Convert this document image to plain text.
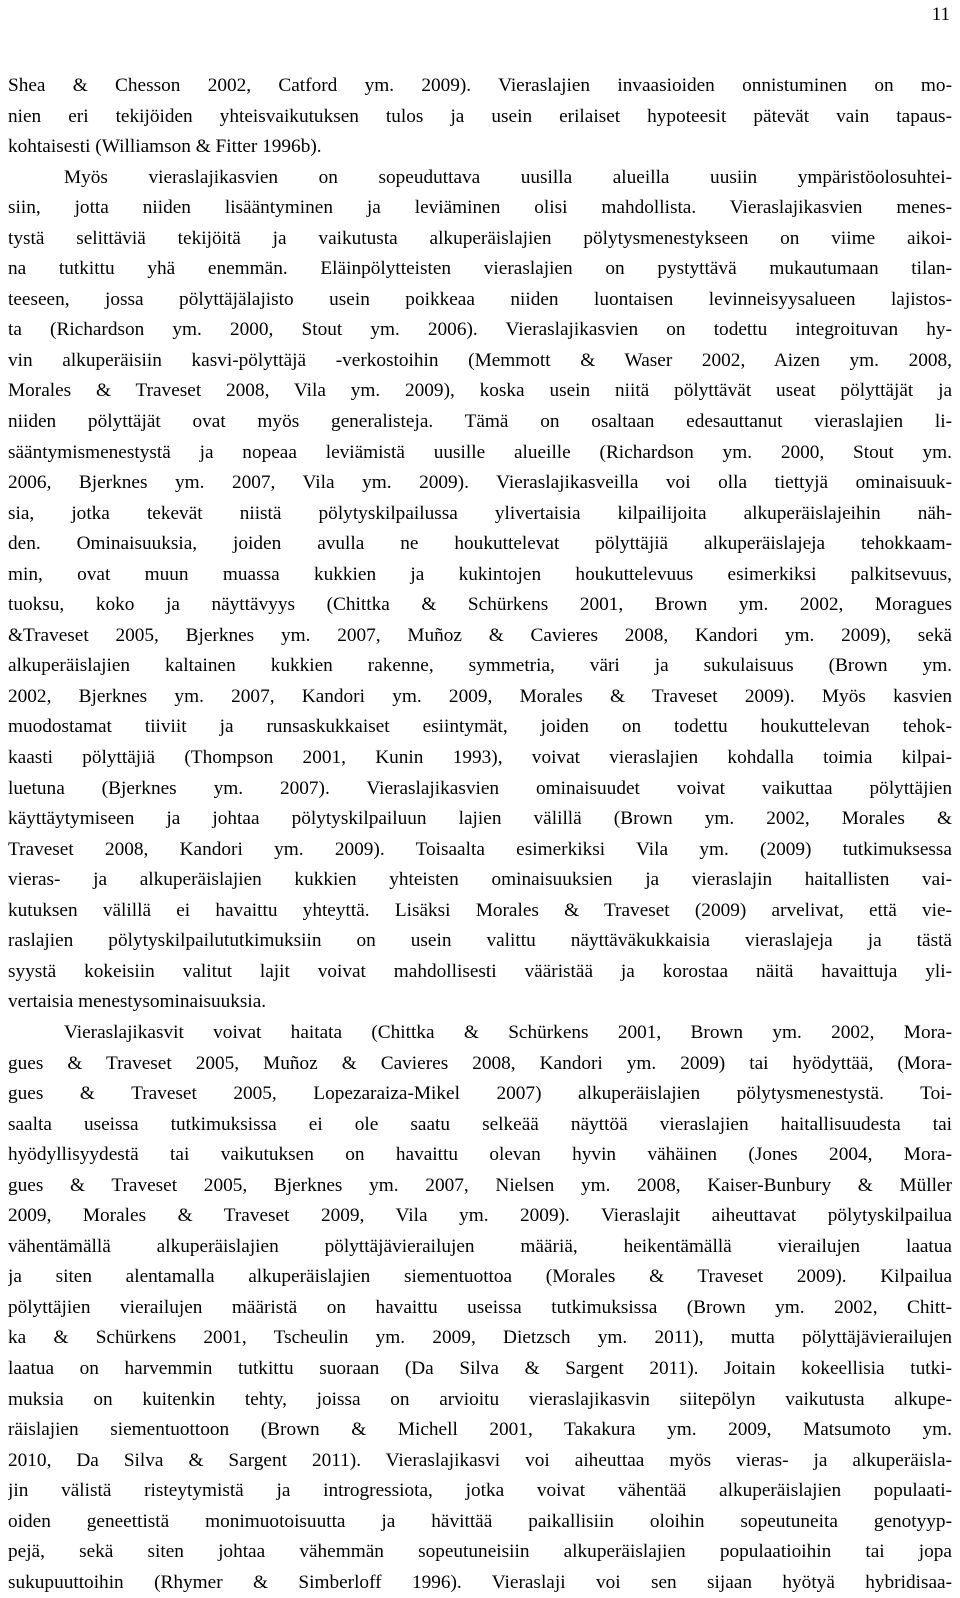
11
Shea & Chesson 2002, Catford ym. 2009). Vieraslajien invaasioiden onnistuminen on mo-
nien eri tekijöiden yhteisvaikutuksen tulos ja usein erilaiset hypoteesit pätevät vain tapaus-
kohtaisesti (Williamson & Fitter 1996b).
Myös vieraslajikasvien on sopeuduttava uusilla alueilla uusiin ympäristöolosuhtei-
siin, jotta niiden lisääntyminen ja leviäminen olisi mahdollista. Vieraslajikasvien menes-
tystä selittäviä tekijöitä ja vaikutusta alkuperäislajien pölytysmenestykseen on viime aikoi-
na tutkittu yhä enemmän. Eläinpölytteisten vieraslajien on pystyttävä mukautumaan tilan-
teeseen, jossa pölyttäjälajisto usein poikkeaa niiden luontaisen levinneisyysalueen lajistos-
ta (Richardson ym. 2000, Stout ym. 2006). Vieraslajikasvien on todettu integroituvan hy-
vin alkuperäisiin kasvi-pölyttäjä -verkostoihin (Memmott & Waser 2002, Aizen ym. 2008,
Morales & Traveset 2008, Vila ym. 2009), koska usein niitä pölyttävät useat pölyttäjät ja
niiden pölyttäjät ovat myös generalisteja. Tämä on osaltaan edesauttanut vieraslajien li-
sääntymismenestystä ja nopeaa leviämistä uusille alueille (Richardson ym. 2000, Stout ym.
2006, Bjerknes ym. 2007, Vila ym. 2009). Vieraslajikasveilla voi olla tiettyjä ominaisuuk-
sia, jotka tekevät niistä pölytyskilpailussa ylivertaisia kilpailijoita alkuperäislajeihin näh-
den. Ominaisuuksia, joiden avulla ne houkuttelevat pölyttäjiä alkuperäislajeja tehokkaam-
min, ovat muun muassa kukkien ja kukintojen houkuttelevuus esimerkiksi palkitsevuus,
tuoksu, koko ja näyttävyys (Chittka & Schürkens 2001, Brown ym. 2002, Moragues
&Traveset 2005, Bjerknes ym. 2007, Muñoz & Cavieres 2008, Kandori ym. 2009), sekä
alkuperäislajien kaltainen kukkien rakenne, symmetria, väri ja sukulaisuus (Brown ym.
2002, Bjerknes ym. 2007, Kandori ym. 2009, Morales & Traveset 2009). Myös kasvien
muodostamat tiiviit ja runsaskukkaiset esiintymät, joiden on todettu houkuttelevan tehok-
kaasti pölyttäjiä (Thompson 2001, Kunin 1993), voivat vieraslajien kohdalla toimia kilpai-
luetuna (Bjerknes ym. 2007). Vieraslajikasvien ominaisuudet voivat vaikuttaa pölyttäjien
käyttäytymiseen ja johtaa pölytyskilpailuun lajien välillä (Brown ym. 2002, Morales &
Traveset 2008, Kandori ym. 2009). Toisaalta esimerkiksi Vila ym. (2009) tutkimuksessa
vieras- ja alkuperäislajien kukkien yhteisten ominaisuuksien ja vieraslajin haitallisten vai-
kutuksen välillä ei havaittu yhteyttä. Lisäksi Morales & Traveset (2009) arvelivat, että vie-
raslajien pölytyskilpailututkimuksiin on usein valittu näyttäväkukkaisia vieraslajeja ja tästä
syystä kokeisiin valitut lajit voivat mahdollisesti vääristää ja korostaa näitä havaittuja yli-
vertaisia menestysominaisuuksia.
Vieraslajikasvit voivat haitata (Chittka & Schürkens 2001, Brown ym. 2002, Mora-
gues & Traveset 2005, Muñoz & Cavieres 2008, Kandori ym. 2009) tai hyödyttää, (Mora-
gues & Traveset 2005, Lopezaraiza-Mikel 2007) alkuperäislajien pölytysmenestystä. Toi-
saalta useissa tutkimuksissa ei ole saatu selkeää näyttöä vieraslajien haitallisuudesta tai
hyödyllisyydestä tai vaikutuksen on havaittu olevan hyvin vähäinen (Jones 2004, Mora-
gues & Traveset 2005, Bjerknes ym. 2007, Nielsen ym. 2008, Kaiser-Bunbury & Müller
2009, Morales & Traveset 2009, Vila ym. 2009). Vieraslajit aiheuttavat pölytyskilpailua
vähentämällä alkuperäislajien pölyttäjävierailujen määriä, heikentämällä vierailujen laatua
ja siten alentamalla alkuperäislajien siementuottoa (Morales & Traveset 2009). Kilpailua
pölyttäjien vierailujen määristä on havaittu useissa tutkimuksissa (Brown ym. 2002, Chitt-
ka & Schürkens 2001, Tscheulin ym. 2009, Dietzsch ym. 2011), mutta pölyttäjävierailujen
laatua on harvemmin tutkittu suoraan (Da Silva & Sargent 2011). Joitain kokeellisia tutki-
muksia on kuitenkin tehty, joissa on arvioitu vieraslajikasvin siitepölyn vaikutusta alkupe-
räislajien siementuottoon (Brown & Michell 2001, Takakura ym. 2009, Matsumoto ym.
2010, Da Silva & Sargent 2011). Vieraslajikasvi voi aiheuttaa myös vieras- ja alkuperäisla-
jin välistä risteytymistä ja introgressiota, jotka voivat vähentää alkuperäislajien populaati-
oiden geneettistä monimuotoisuutta ja hävittää paikallisiin oloihin sopeutuneita genotyyp-
pejä, sekä siten johtaa vähemmän sopeutuneisiin alkuperäislajien populaatioihin tai jopa
sukupuuttoihin (Rhymer & Simberloff 1996). Vieraslaji voi sen sijaan hyötyä hybridisaa-
